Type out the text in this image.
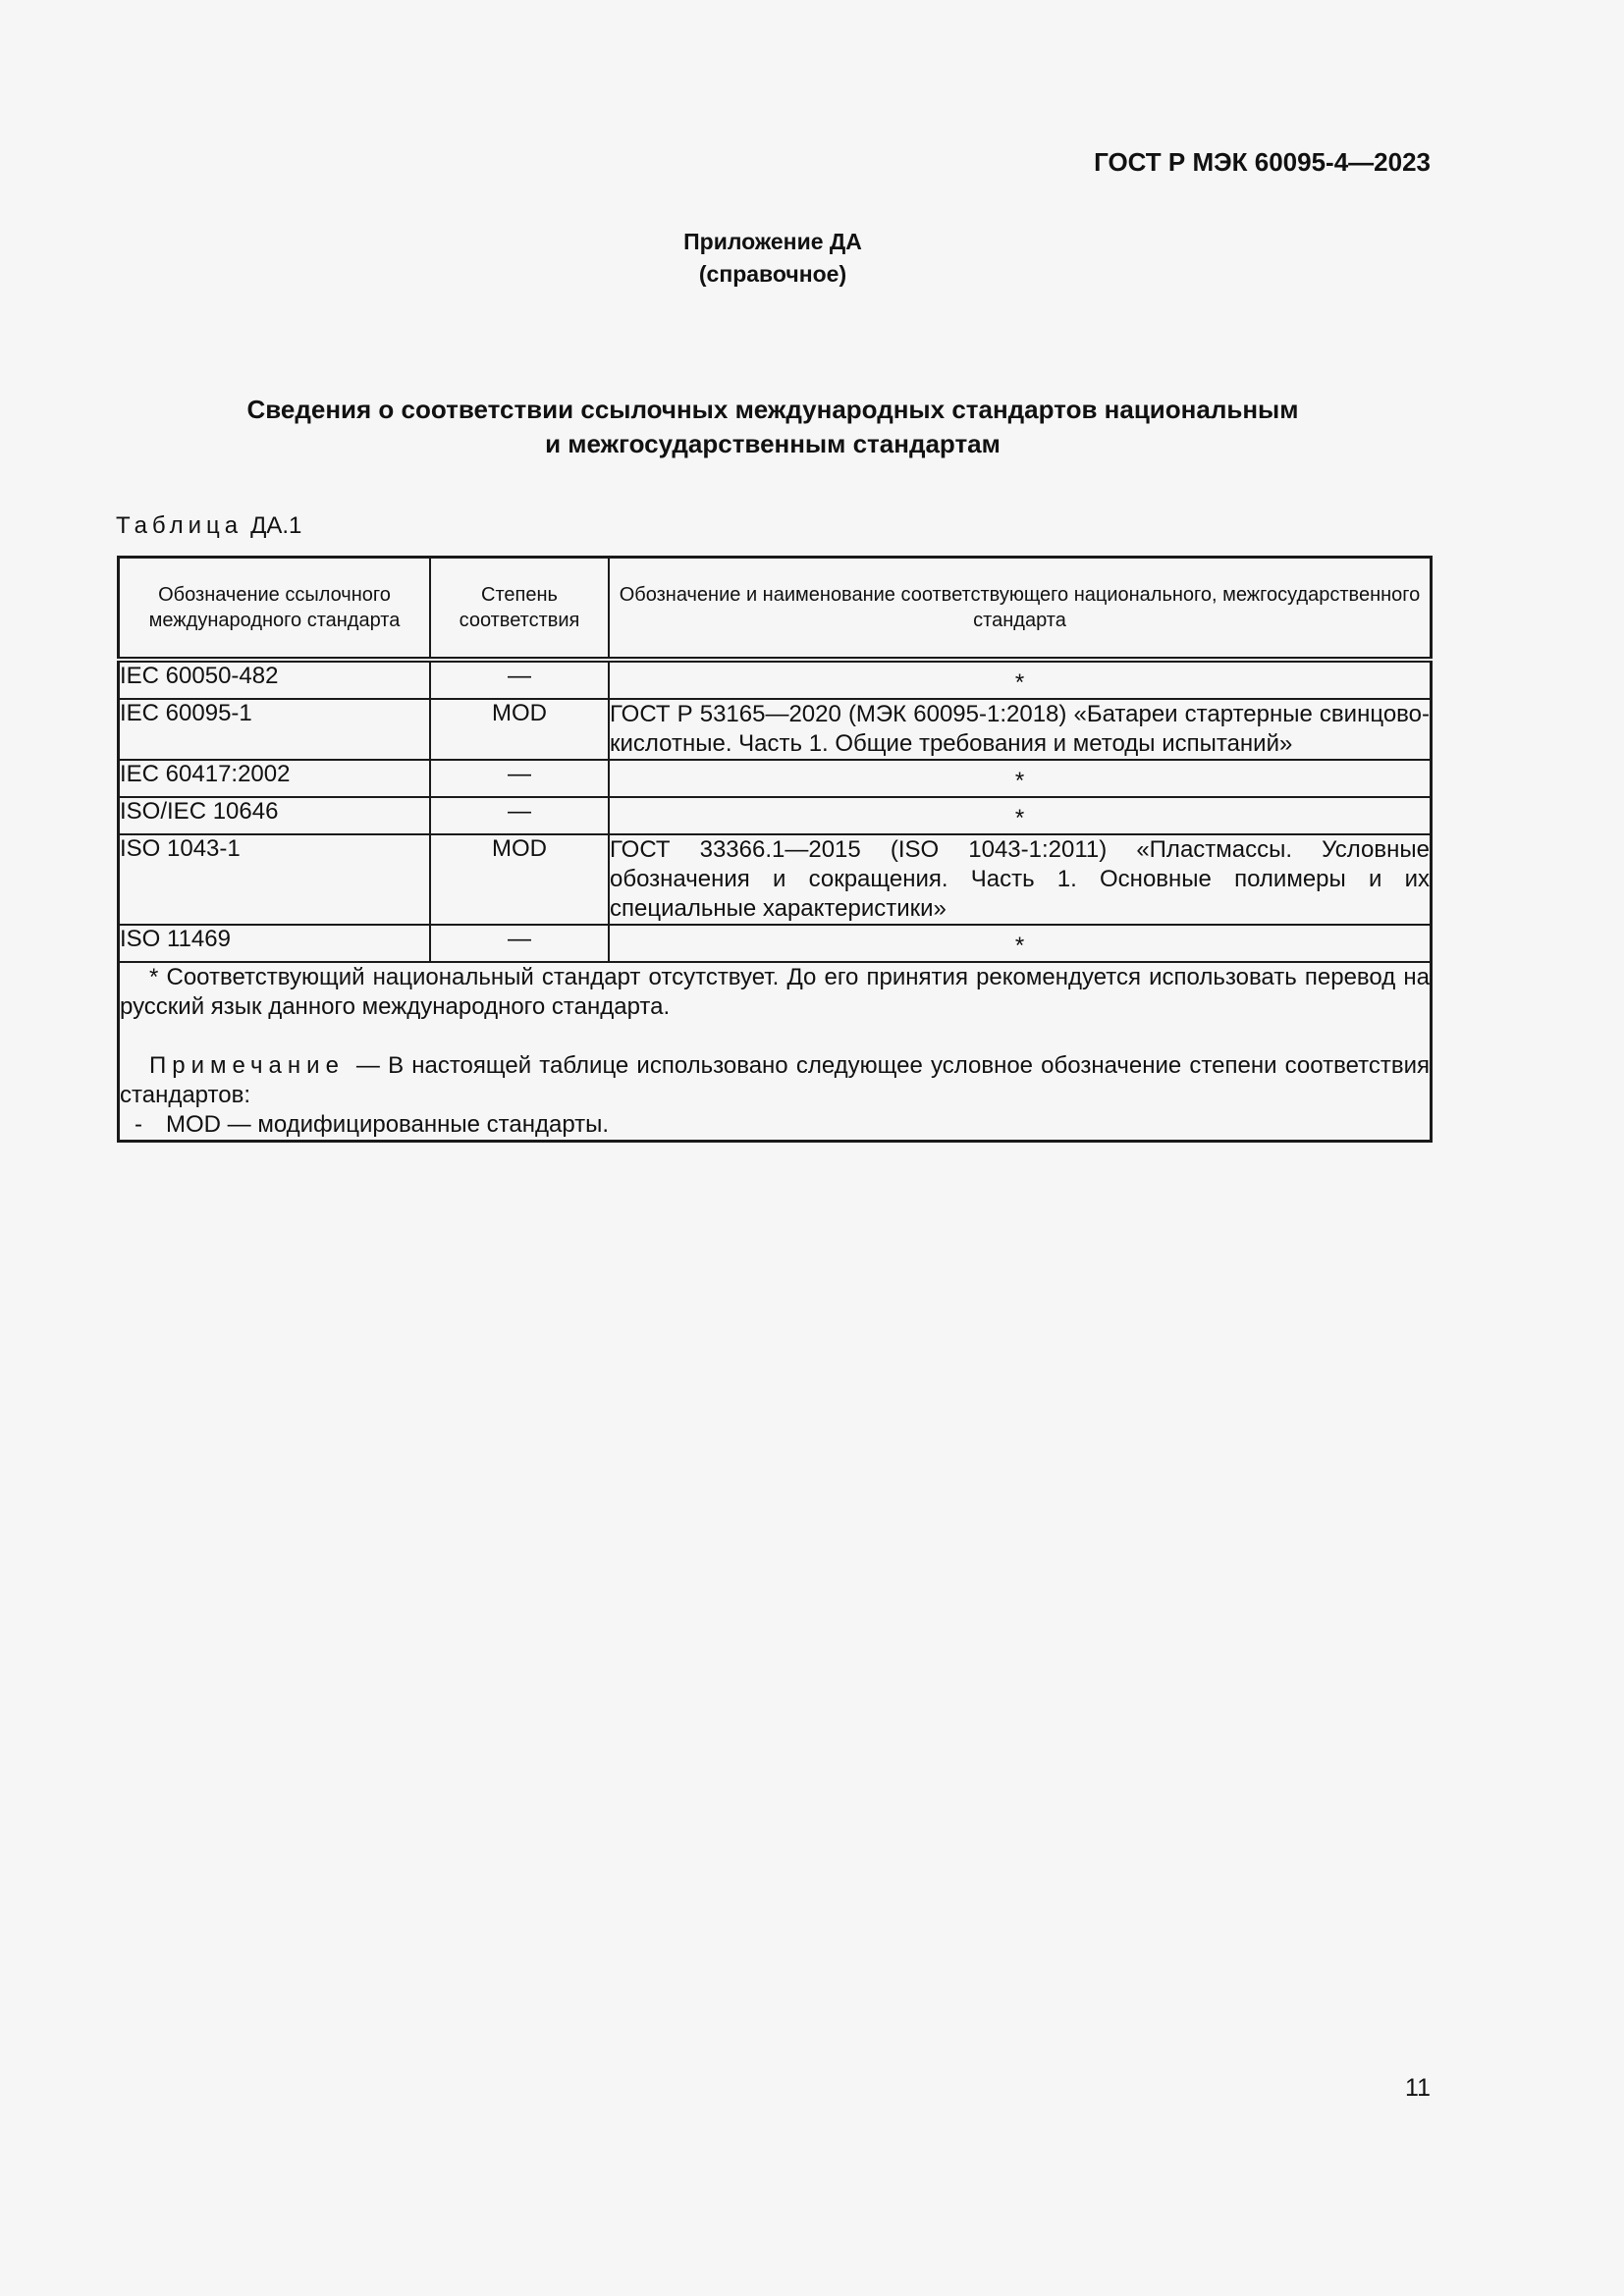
ГОСТ Р МЭК 60095-4—2023
Приложение ДА
(справочное)
Сведения о соответствии ссылочных международных стандартов национальным
и межгосударственным стандартам
Таблица ДА.1
Обозначение ссылочного международного стандарта	Степень соответствия	Обозначение и наименование соответствующего национального, межгосударственного стандарта
IEC 60050-482	—	*
IEC 60095-1	MOD	ГОСТ Р 53165—2020 (МЭК 60095-1:2018) «Батареи стартерные свинцово-кислотные. Часть 1. Общие требования и методы испытаний»
IEC 60417:2002	—	*
ISO/IEC 10646	—	*
ISO 1043-1	MOD	ГОСТ 33366.1—2015 (ISO 1043-1:2011) «Пластмассы. Условные обозначения и сокращения. Часть 1. Основные полимеры и их специальные характеристики»
ISO 11469	—	*

* Соответствующий национальный стандарт отсутствует. До его принятия рекомендуется использовать перевод на русский язык данного международного стандарта.

Примечание — В настоящей таблице использовано следующее условное обозначение степени соответствия стандартов:

- MOD — модифицированные стандарты.		

11
